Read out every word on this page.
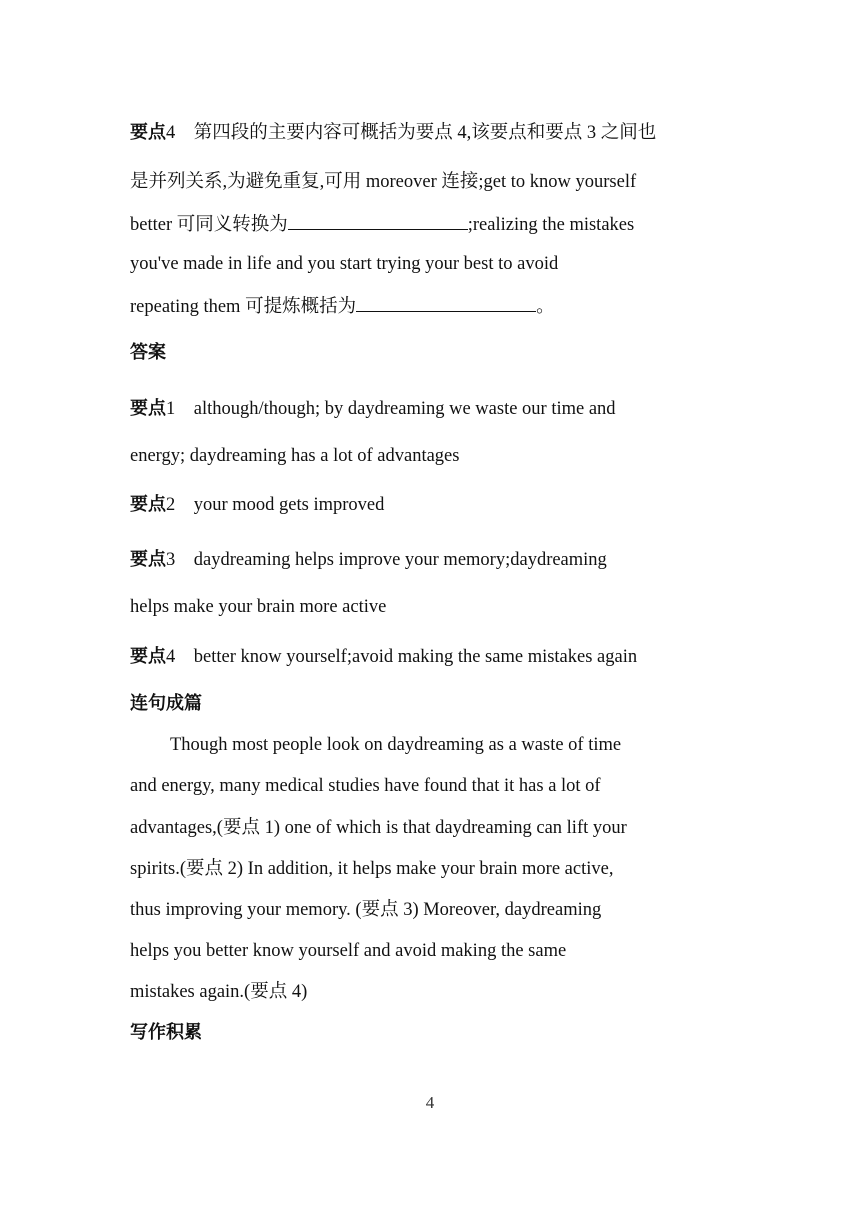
要点4 第四段的主要内容可概括为要点 4,该要点和要点 3 之间也
是并列关系,为避免重复,可用 moreover 连接;get to know yourself
better 可同义转换为	;realizing the mistakes
you've made in life and you start trying your best to avoid
repeating them 可提炼概括为	。
答案
要点1 although/though; by daydreaming we waste our time and
energy; daydreaming has a lot of advantages
要点2 your mood gets improved
要点3 daydreaming helps improve your memory;daydreaming
helps make your brain more active
要点4 better know yourself;avoid making the same mistakes again
连句成篇
Though most people look on daydreaming as a waste of time
and energy, many medical studies have found that it has a lot of
advantages,(要点 1) one of which is that daydreaming can lift your
spirits.(要点 2) In addition, it helps make your brain more active,
thus improving your memory. (要点 3) Moreover, daydreaming
helps you better know yourself and avoid making the same
mistakes again.(要点 4)
写作积累
4
